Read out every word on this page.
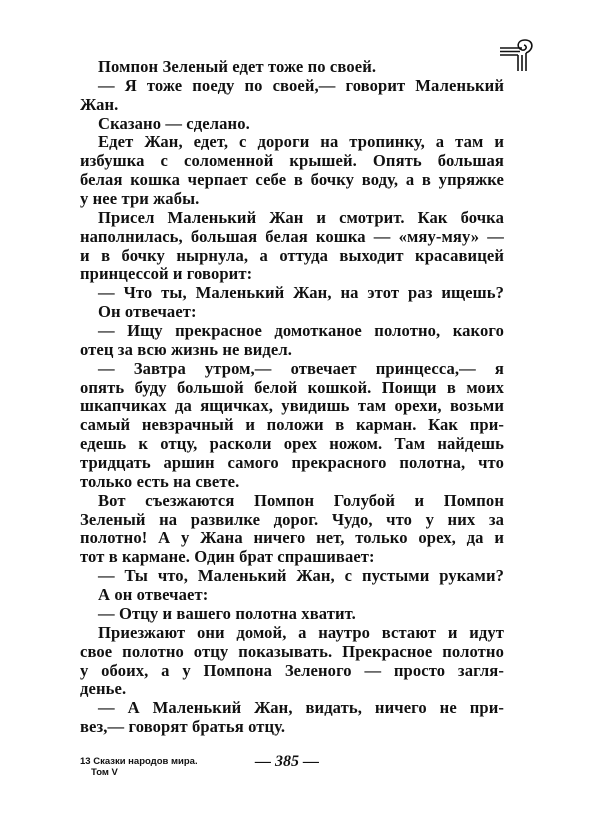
Помпон Зеленый едет тоже по своей.
— Я тоже поеду по своей,— говорит Маленький
Жан.
Сказано — сделано.
Едет Жан, едет, с дороги на тропинку, а там и
избушка с соломенной крышей. Опять большая
белая кошка черпает себе в бочку воду, а в упряжке
у нее три жабы.
Присел Маленький Жан и смотрит. Как бочка
наполнилась, большая белая кошка — «мяу-мяу» —
и в бочку нырнула, а оттуда выходит красавицей
принцессой и говорит:
— Что ты, Маленький Жан, на этот раз ищешь?
Он отвечает:
— Ищу прекрасное домотканое полотно, какого
отец за всю жизнь не видел.
— Завтра утром,— отвечает принцесса,— я
опять буду большой белой кошкой. Поищи в моих
шкапчиках да ящичках, увидишь там орехи, возьми
самый невзрачный и положи в карман. Как при-
едешь к отцу, расколи орех ножом. Там найдешь
тридцать аршин самого прекрасного полотна, что
только есть на свете.
Вот съезжаются Помпон Голубой и Помпон
Зеленый на развилке дорог. Чудо, что у них за
полотно! А у Жана ничего нет, только орех, да и
тот в кармане. Один брат спрашивает:
— Ты что, Маленький Жан, с пустыми руками?
А он отвечает:
— Отцу и вашего полотна хватит.
Приезжают они домой, а наутро встают и идут
свое полотно отцу показывать. Прекрасное полотно
у обоих, а у Помпона Зеленого — просто загля-
денье.
— А Маленький Жан, видать, ничего не при-
вез,— говорят братья отцу.
13 Сказки народов мира.
Том V
— 385 —
